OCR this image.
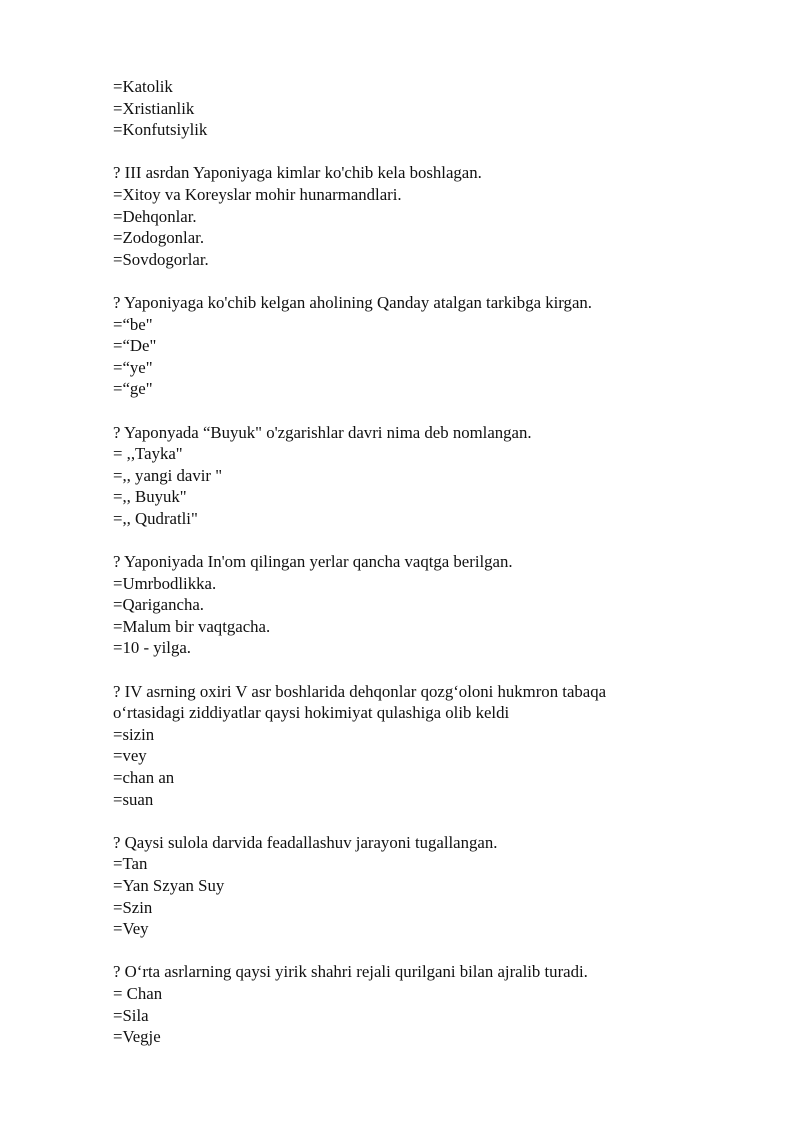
=Katolik
=Xristianlik
=Konfutsiylik
? III asrdan Yaponiyaga kimlar ko'chib kela boshlagan.
=Xitoy va Koreyslar mohir hunarmandlari.
=Dehqonlar.
=Zodogonlar.
=Sovdogorlar.
? Yaponiyaga ko'chib kelgan aholining Qanday atalgan tarkibga kirgan.
=“be"
=“De"
=“ye"
=“ge"
? Yaponyada “Buyuk" o'zgarishlar davri nima deb nomlangan.
= ,,Tayka"
=,, yangi davir "
=,, Buyuk"
=,, Qudratli"
? Yaponiyada In'om qilingan yerlar qancha vaqtga berilgan.
=Umrbodlikka.
=Qarigancha.
=Malum bir vaqtgacha.
=10 - yilga.
? IV asrning oxiri V asr boshlarida dehqonlar qozg‘oloni hukmron tabaqa
o‘rtasidagi ziddiyatlar qaysi hokimiyat qulashiga olib keldi
=sizin
=vey
=chan an
=suan
? Qaysi sulola darvida feadallashuv jarayoni tugallangan.
=Tan
=Yan Szyan Suy
=Szin
=Vey
? O‘rta asrlarning qaysi yirik shahri rejali qurilgani bilan ajralib turadi.
= Chan
=Sila
=Vegje
